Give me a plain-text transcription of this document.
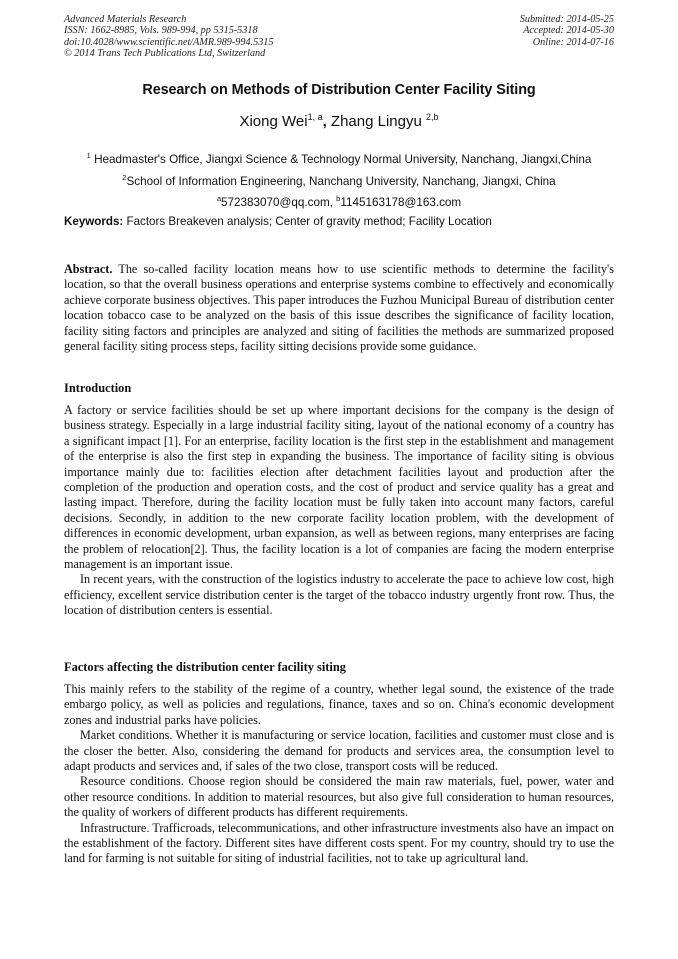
Advanced Materials Research
ISSN: 1662-8985, Vols. 989-994, pp 5315-5318
doi:10.4028/www.scientific.net/AMR.989-994.5315
© 2014 Trans Tech Publications Ltd, Switzerland
Submitted: 2014-05-25
Accepted: 2014-05-30
Online: 2014-07-16
Research on Methods of Distribution Center Facility Siting
Xiong Wei$^{1, a}$, Zhang Lingyu $^{2,b}$
$^1$ Headmaster's Office, Jiangxi Science & Technology Normal University, Nanchang, Jiangxi,China
$^2$School of Information Engineering, Nanchang University, Nanchang, Jiangxi, China
$^a$572383070@qq.com, $^b$1145163178@163.com
Keywords: Factors Breakeven analysis; Center of gravity method; Facility Location
Abstract. The so-called facility location means how to use scientific methods to determine the facility's location, so that the overall business operations and enterprise systems combine to effectively and economically achieve corporate business objectives. This paper introduces the Fuzhou Municipal Bureau of distribution center location tobacco case to be analyzed on the basis of this issue describes the significance of facility location, facility siting factors and principles are analyzed and siting of facilities the methods are summarized proposed general facility siting process steps, facility sitting decisions provide some guidance.
Introduction

A factory or service facilities should be set up where important decisions for the company is the design of business strategy. Especially in a large industrial facility siting, layout of the national economy of a country has a significant impact [1]. For an enterprise, facility location is the first step in the establishment and management of the enterprise is also the first step in expanding the business. The importance of facility siting is obvious importance mainly due to: facilities election after detachment facilities layout and production after the completion of the production and operation costs, and the cost of product and service quality has a great and lasting impact. Therefore, during the facility location must be fully taken into account many factors, careful decisions. Secondly, in addition to the new corporate facility location problem, with the development of differences in economic development, urban expansion, as well as between regions, many enterprises are facing the problem of relocation[2]. Thus, the facility location is a lot of companies are facing the modern enterprise management is an important issue.

In recent years, with the construction of the logistics industry to accelerate the pace to achieve low cost, high efficiency, excellent service distribution center is the target of the tobacco industry urgently front row. Thus, the location of distribution centers is essential.

Factors affecting the distribution center facility siting

This mainly refers to the stability of the regime of a country, whether legal sound, the existence of the trade embargo policy, as well as policies and regulations, finance, taxes and so on. China's economic development zones and industrial parks have policies.

Market conditions. Whether it is manufacturing or service location, facilities and customer must close and is the closer the better. Also, considering the demand for products and services area, the consumption level to adapt products and services and, if sales of the two close, transport costs will be reduced.

Resource conditions. Choose region should be considered the main raw materials, fuel, power, water and other resource conditions. In addition to material resources, but also give full consideration to human resources, the quality of workers of different products has different requirements.

Infrastructure. Trafficroads, telecommunications, and other infrastructure investments also have an impact on the establishment of the factory. Different sites have different costs spent. For my country, should try to use the land for farming is not suitable for siting of industrial facilities, not to take up agricultural land.
